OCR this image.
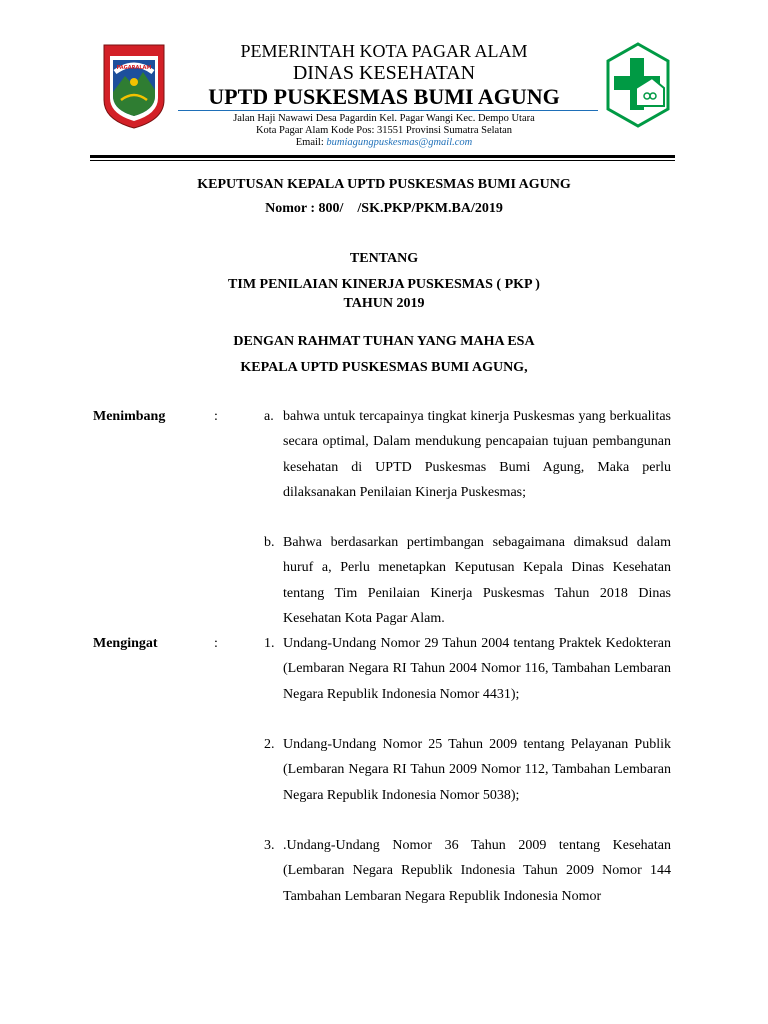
PAGARALAM
PEMERINTAH KOTA PAGAR ALAM
DINAS KESEHATAN
UPTD PUSKESMAS BUMI AGUNG
Jalan Haji Nawawi Desa Pagardin Kel. Pagar Wangi Kec. Dempo Utara
Kota Pagar Alam Kode Pos: 31551 Provinsi Sumatra Selatan
Email: bumiagungpuskesmas@gmail.com
KEPUTUSAN KEPALA UPTD PUSKESMAS BUMI AGUNG
Nomor : 800/    /SK.PKP/PKM.BA/2019
TENTANG
TIM PENILAIAN KINERJA PUSKESMAS ( PKP )
TAHUN 2019
DENGAN RAHMAT TUHAN YANG MAHA ESA
KEPALA UPTD PUSKESMAS BUMI AGUNG,
Menimbang	:	a. bahwa untuk tercapainya tingkat kinerja Puskesmas yang berkualitas secara optimal, Dalam mendukung pencapaian tujuan pembangunan kesehatan di UPTD Puskesmas Bumi Agung, Maka perlu dilaksanakan Penilaian Kinerja Puskesmas;
b. Bahwa berdasarkan pertimbangan sebagaimana dimaksud dalam huruf a, Perlu menetapkan Keputusan Kepala Dinas Kesehatan tentang Tim Penilaian Kinerja Puskesmas Tahun 2018 Dinas Kesehatan Kota Pagar Alam.
Mengingat	:	1. Undang-Undang Nomor 29 Tahun 2004 tentang Praktek Kedokteran (Lembaran Negara RI Tahun 2004 Nomor 116, Tambahan Lembaran Negara Republik Indonesia Nomor 4431);
2. Undang-Undang Nomor 25 Tahun 2009 tentang Pelayanan Publik (Lembaran Negara RI Tahun 2009 Nomor 112, Tambahan Lembaran Negara Republik Indonesia Nomor 5038);
3. .Undang-Undang Nomor 36 Tahun 2009 tentang Kesehatan (Lembaran Negara Republik Indonesia Tahun 2009 Nomor 144 Tambahan Lembaran Negara Republik Indonesia Nomor
